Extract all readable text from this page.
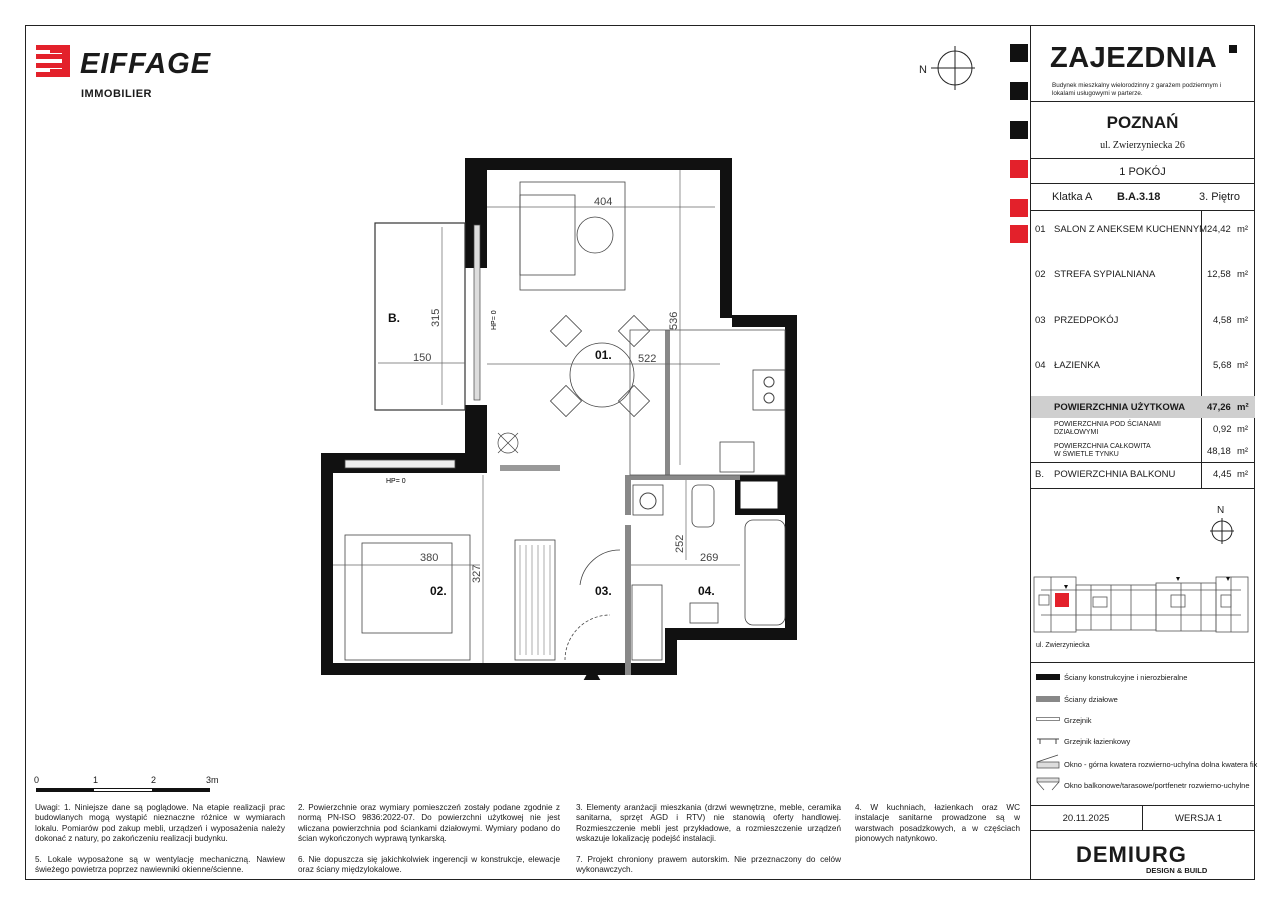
EIFFAGE
IMMOBILIER
N	ZAJEZDNIA
Budynek mieszkalny wielorodzinny z garażem podziemnym i lokalami usługowymi w parterze.
POZNAŃ
ul. Zwierzyniecka 26
1 POKÓJ
Klatka A B.A.3.18	3. Piętro
01 SALON Z ANEKSEM KUCHENNYM 24,42 m²
02 STREFA SYPIALNIANA	12,58 m²
03 PRZEDPOKÓJ	4,58 m²
04 ŁAZIENKA	5,68 m²
POWIERZCHNIA UŻYTKOWA 47,26 m²
POWIERZCHNIA POD ŚCIANAMI
DZIAŁOWYMI	0,92 m²
POWIERZCHNIA CAŁKOWITA
W ŚWIETLE TYNKU	48,18 m²
B. POWIERZCHNIA BALKONU	4,45 m²
N
ul. Zwierzyniecka
Ściany konstrukcyjne i nierozbieralne
Ściany działowe
Grzejnik
Grzejnik łazienkowy
Okno - górna kwatera rozwierno-uchylna dolna kwatera fix
Okno balkonowe/tarasowe/portfenetr rozwierno-uchylne
20.11.2025	WERSJA 1
DEMIURG
DESIGN & BUILD
404
536
522
315
150
380
327
252
269
HP= 0
HP= 0
01.
02.	03.	04.
B.
0	1	2	3m
Uwagi: 1. Niniejsze dane są poglądowe. Na etapie realizacji prac budowlanych mogą wystąpić nieznaczne różnice w wymiarach lokalu. Pomiarów pod zakup mebli, urządzeń i wyposażenia należy dokonać z natury, po zakończeniu realizacji budynku.
2. Powierzchnie oraz wymiary pomieszczeń zostały podane zgodnie z normą PN-ISO 9836:2022-07. Do powierzchni użytkowej nie jest wliczana powierzchnia pod ściankami działowymi. Wymiary podano do ścian wykończonych wyprawą tynkarską.
3. Elementy aranżacji mieszkania (drzwi wewnętrzne, meble, ceramika sanitarna, sprzęt AGD i RTV) nie stanowią oferty handlowej. Rozmieszczenie mebli jest przykładowe, a rozmieszczenie urządzeń wskazuje lokalizację podejść instalacji.
4. W kuchniach, łazienkach oraz WC instalacje sanitarne prowadzone są w warstwach posadzkowych, a w częściach pionowych natynkowo.
5. Lokale wyposażone są w wentylację mechaniczną. Nawiew świeżego powietrza poprzez nawiewniki okienne/ścienne.
6. Nie dopuszcza się jakichkolwiek ingerencji w konstrukcje, elewacje oraz ściany międzylokalowe.
7. Projekt chroniony prawem autorskim. Nie przeznaczony do celów wykonawczych.
